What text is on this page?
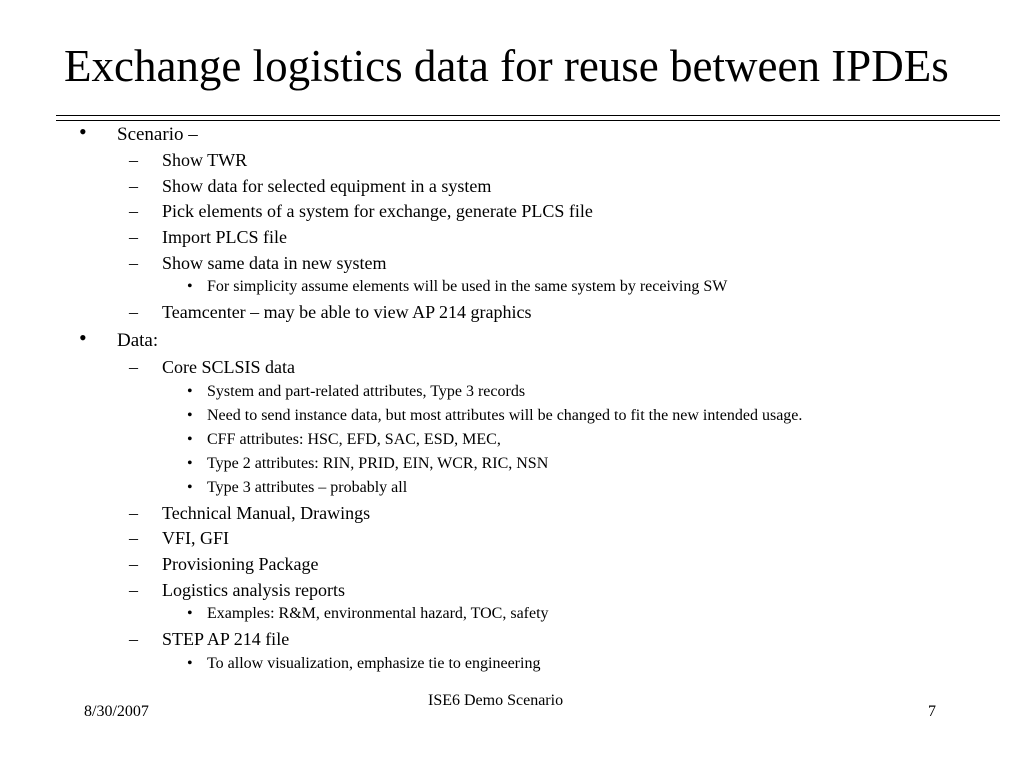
Exchange logistics data for reuse between IPDEs
• Scenario –
– Show TWR
– Show data for selected equipment in a system
– Pick elements of a system for exchange, generate PLCS file
– Import PLCS file
– Show same data in new system
• For simplicity assume elements will be used in the same system by receiving SW
– Teamcenter – may be able to view AP 214 graphics
• Data:
– Core SCLSIS data
• System and part-related attributes, Type 3 records
• Need to send instance data, but most attributes will be changed to fit the new intended usage.
• CFF attributes: HSC, EFD, SAC, ESD, MEC,
• Type 2 attributes: RIN, PRID, EIN, WCR, RIC, NSN
• Type 3 attributes – probably all
– Technical Manual, Drawings
– VFI, GFI
– Provisioning Package
– Logistics analysis reports
• Examples: R&M, environmental hazard, TOC, safety
– STEP AP 214 file
• To allow visualization, emphasize tie to engineering
8/30/2007
ISE6 Demo Scenario
7
